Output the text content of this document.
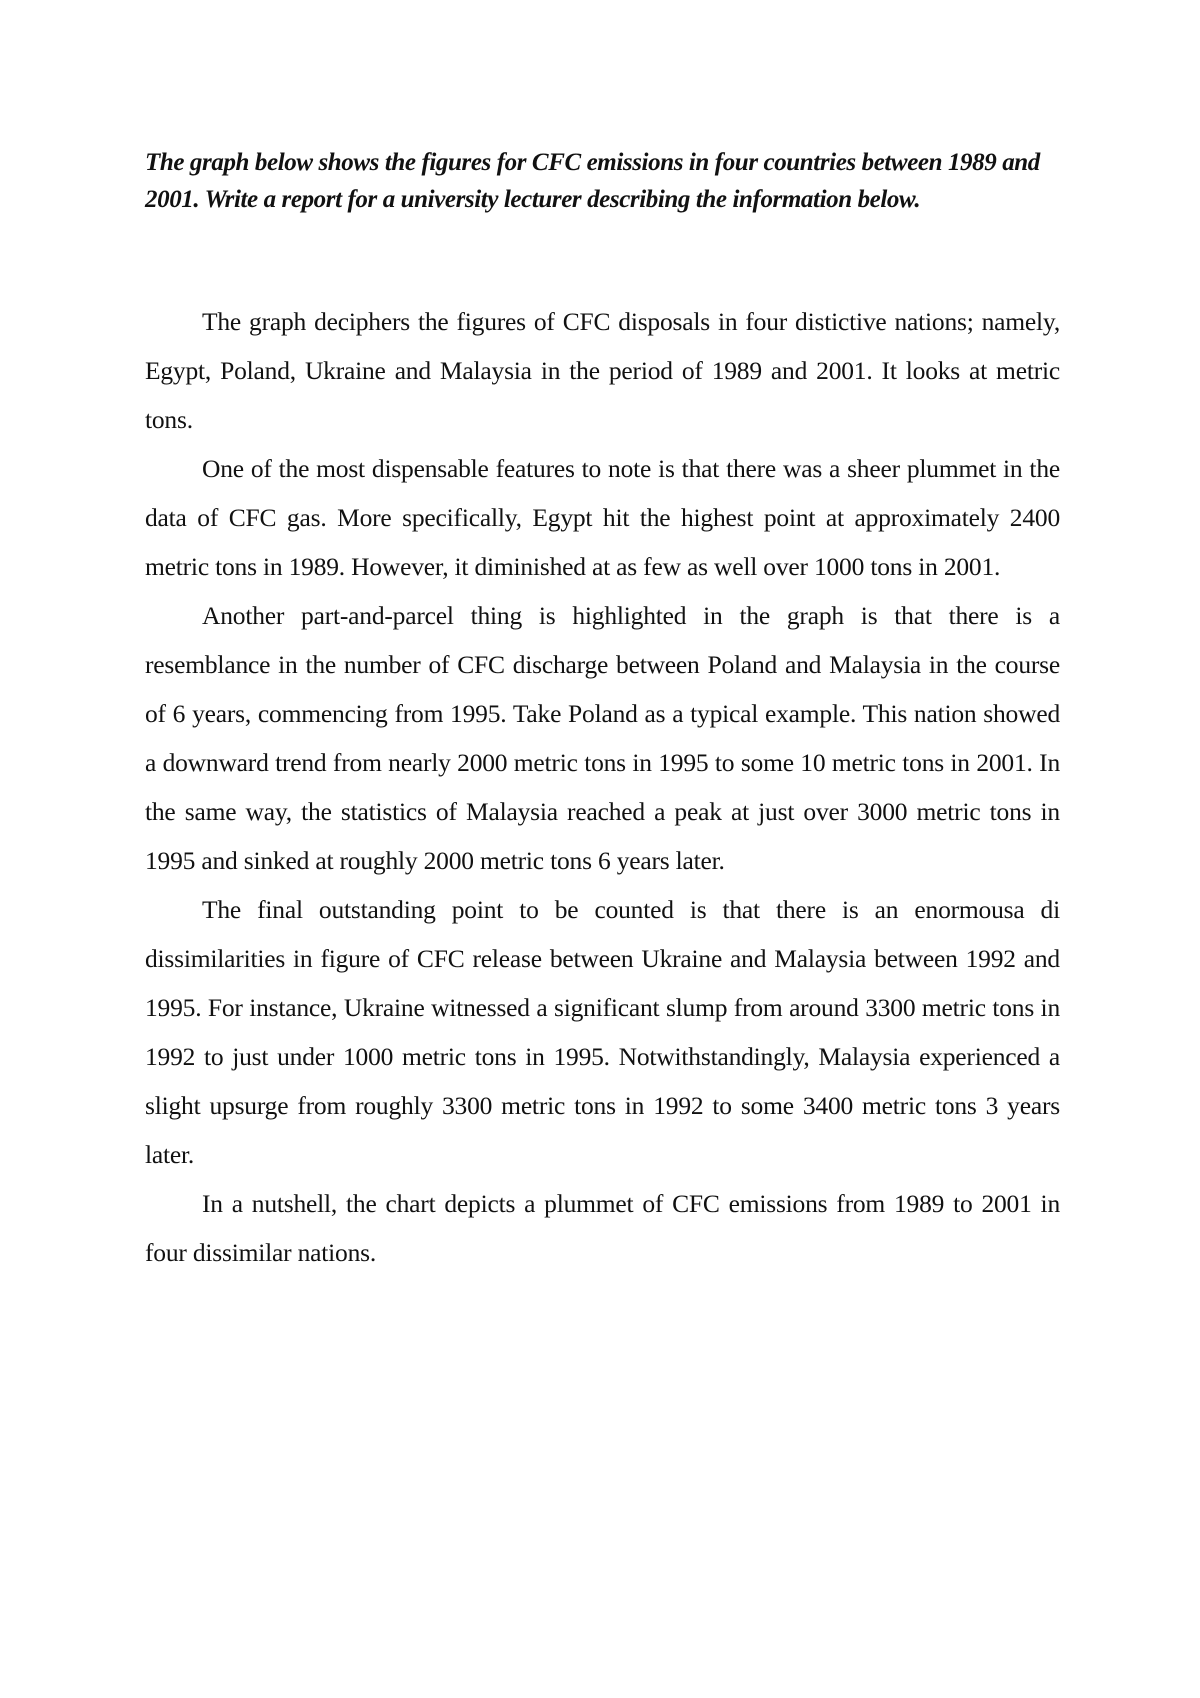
The graph below shows the figures for CFC emissions in four countries between 1989 and 2001. Write a report for a university lecturer describing the information below.

The graph deciphers the figures of CFC disposals in four distictive nations; namely, Egypt, Poland, Ukraine and Malaysia in the period of 1989 and 2001. It looks at metric tons.

One of the most dispensable features to note is that there was a sheer plummet in the data of CFC gas. More specifically, Egypt hit the highest point at approximately 2400 metric tons in 1989. However, it diminished at as few as well over 1000 tons in 2001.

Another part-and-parcel thing is highlighted in the graph is that there is a resemblance in the number of CFC discharge between Poland and Malaysia in the course of 6 years, commencing from 1995. Take Poland as a typical example. This nation showed a downward trend from nearly 2000 metric tons in 1995 to some 10 metric tons in 2001. In the same way, the statistics of Malaysia reached a peak at just over 3000 metric tons in 1995 and sinked at roughly 2000 metric tons 6 years later.

The final outstanding point to be counted is that there is an enormousa di dissimilarities in figure of CFC release between Ukraine and Malaysia between 1992 and 1995. For instance, Ukraine witnessed a significant slump from around 3300 metric tons in 1992 to just under 1000 metric tons in 1995. Notwithstandingly, Malaysia experienced a slight upsurge from roughly 3300 metric tons in 1992 to some 3400 metric tons 3 years later.

In a nutshell, the chart depicts a plummet of CFC emissions from 1989 to 2001 in four dissimilar nations.
